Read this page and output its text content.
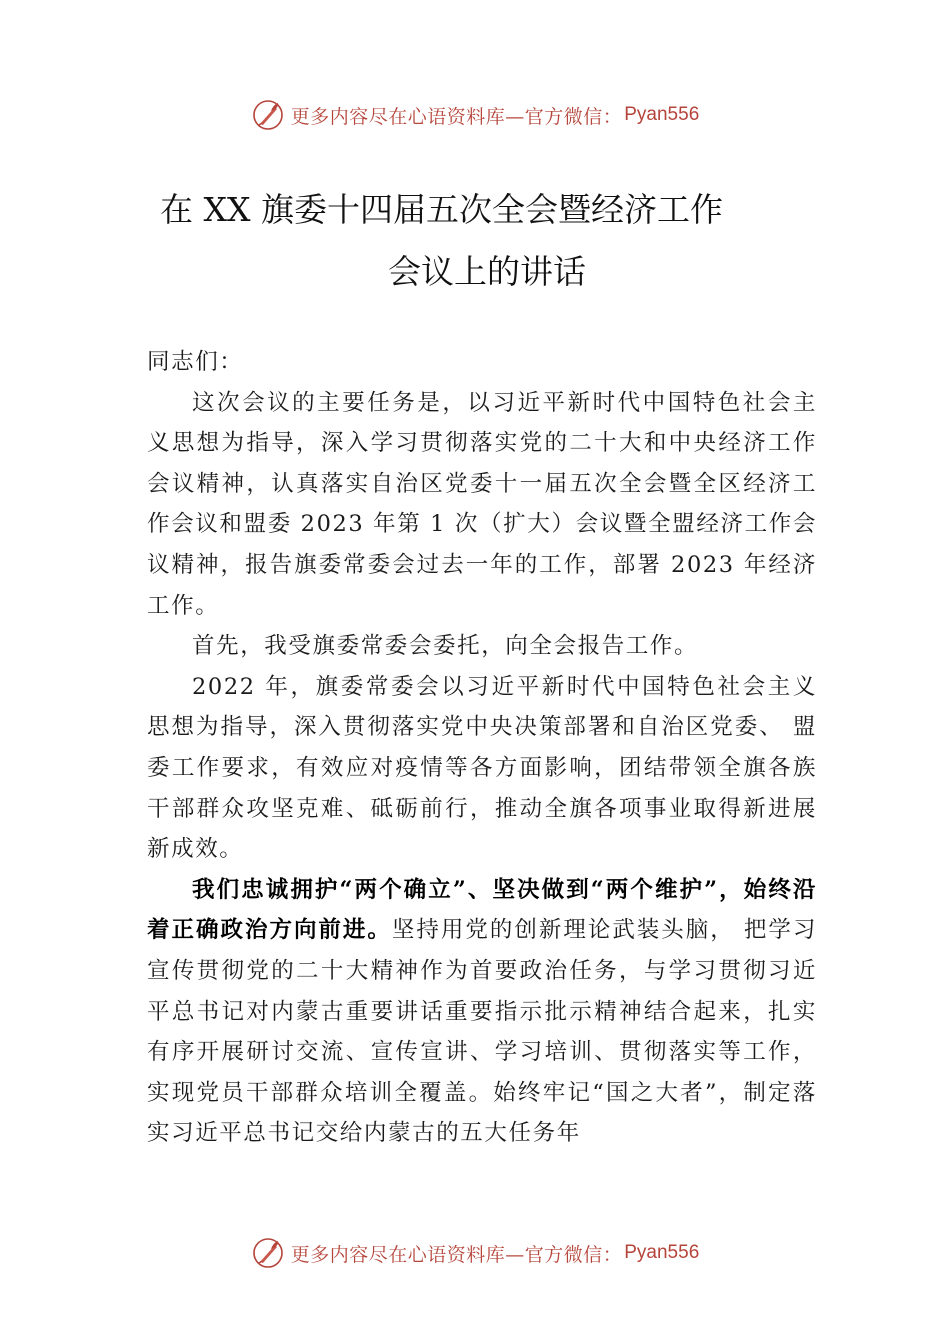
更多内容尽在心语资料库—官方微信： Pyan556
在 XX 旗委十四届五次全会暨经济工作
会议上的讲话

同志们：

这次会议的主要任务是，以习近平新时代中国特色社会主义思想为指导，深入学习贯彻落实党的二十大和中央经济工作会议精神，认真落实自治区党委十一届五次全会暨全区经济工作会议和盟委 2023 年第 1 次（扩大）会议暨全盟经济工作会议精神，报告旗委常委会过去一年的工作，部署 2023 年经济工作。

首先，我受旗委常委会委托，向全会报告工作。

2022 年，旗委常委会以习近平新时代中国特色社会主义思想为指导，深入贯彻落实党中央决策部署和自治区党委、 盟委工作要求，有效应对疫情等各方面影响，团结带领全旗各族干部群众攻坚克难、砥砺前行，推动全旗各项事业取得新进展新成效。

我们忠诚拥护“两个确立”、坚决做到“两个维护”，始终沿着正确政治方向前进。坚持用党的创新理论武装头脑， 把学习宣传贯彻党的二十大精神作为首要政治任务，与学习贯彻习近平总书记对内蒙古重要讲话重要指示批示精神结合起来，扎实有序开展研讨交流、宣传宣讲、学习培训、贯彻落实等工作，实现党员干部群众培训全覆盖。始终牢记“国之大者”，制定落实习近平总书记交给内蒙古的五大任务年

更多内容尽在心语资料库—官方微信： Pyan556
